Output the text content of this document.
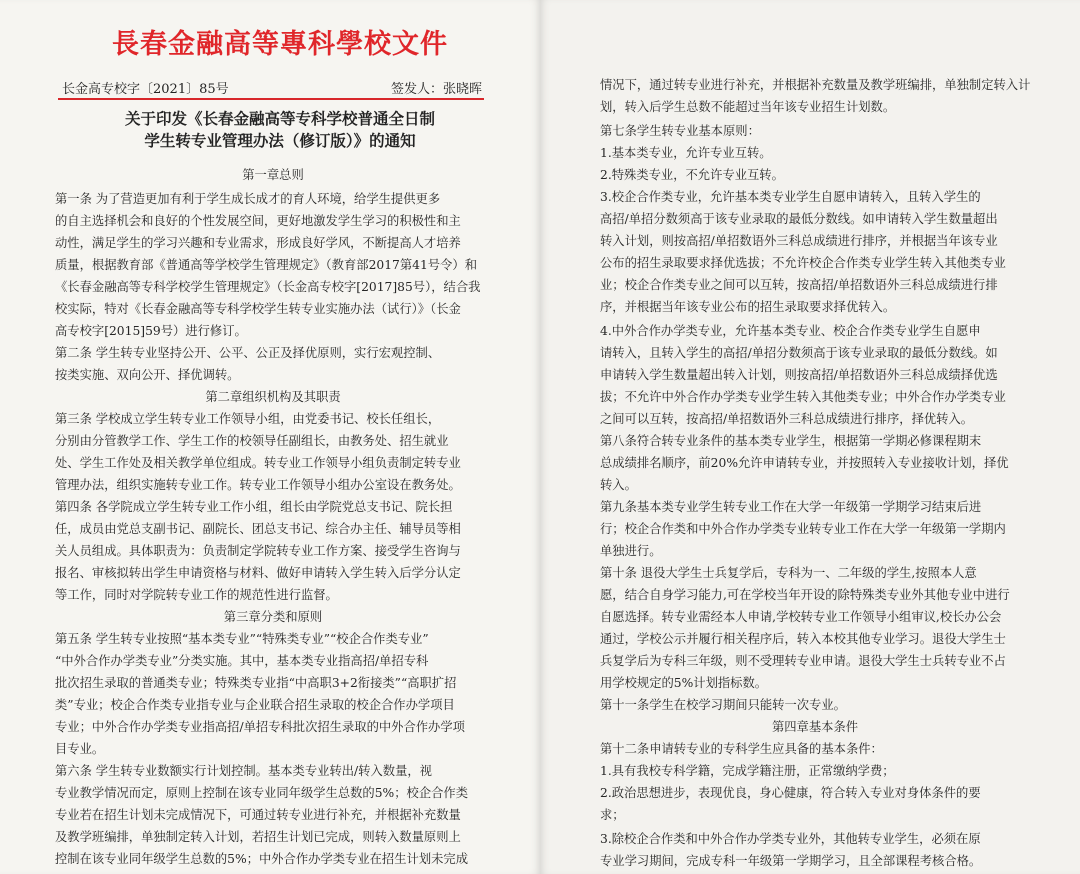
長春金融高等專科學校文件
长金高专校字〔2021〕85号	签发人：张晓晖
关于印发《长春金融高等专科学校普通全日制
学生转专业管理办法（修订版）》的通知
第一章总则
第一条 为了营造更加有利于学生成长成才的育人环境，给学生提供更多
的自主选择机会和良好的个性发展空间，更好地激发学生学习的积极性和主
动性，满足学生的学习兴趣和专业需求，形成良好学风，不断提高人才培养
质量，根据教育部《普通高等学校学生管理规定》（教育部2017第41号令）和
《长春金融高等专科学校学生管理规定》（长金高专校字[2017]85号），结合我
校实际，特对《长春金融高等专科学校学生转专业实施办法（试行）》（长金
高专校字[2015]59号）进行修订。
第二条 学生转专业坚持公开、公平、公正及择优原则，实行宏观控制、
按类实施、双向公开、择优调转。
第二章组织机构及其职责
第三条 学校成立学生转专业工作领导小组，由党委书记、校长任组长，
分别由分管教学工作、学生工作的校领导任副组长，由教务处、招生就业
处、学生工作处及相关教学单位组成。转专业工作领导小组负责制定转专业
管理办法，组织实施转专业工作。转专业工作领导小组办公室设在教务处。
第四条 各学院成立学生转专业工作小组，组长由学院党总支书记、院长担
任，成员由党总支副书记、副院长、团总支书记、综合办主任、辅导员等相
关人员组成。具体职责为：负责制定学院转专业工作方案、接受学生咨询与
报名、审核拟转出学生申请资格与材料、做好申请转入学生转入后学分认定
等工作，同时对学院转专业工作的规范性进行监督。
第三章分类和原则
第五条 学生转专业按照“基本类专业”“特殊类专业”“校企合作类专业”
“中外合作办学类专业”分类实施。其中，基本类专业指高招/单招专科
批次招生录取的普通类专业；特殊类专业指“中高职3+2衔接类”“高职扩招
类”专业；校企合作类专业指专业与企业联合招生录取的校企合作办学项目
专业；中外合作办学类专业指高招/单招专科批次招生录取的中外合作办学项
目专业。
第六条 学生转专业数额实行计划控制。基本类专业转出/转入数量，视
专业教学情况而定，原则上控制在该专业同年级学生总数的5%；校企合作类
专业若在招生计划未完成情况下，可通过转专业进行补充，并根据补充数量
及教学班编排，单独制定转入计划，若招生计划已完成，则转入数量原则上
控制在该专业同年级学生总数的5%；中外合作办学类专业在招生计划未完成
情况下，通过转专业进行补充，并根据补充数量及教学班编排，单独制定转入计
划，转入后学生总数不能超过当年该专业招生计划数。
第七条学生转专业基本原则：
1.基本类专业，允许专业互转。
2.特殊类专业，不允许专业互转。
3.校企合作类专业，允许基本类专业学生自愿申请转入，且转入学生的
高招/单招分数须高于该专业录取的最低分数线。如申请转入学生数量超出
转入计划，则按高招/单招数语外三科总成绩进行排序，并根据当年该专业
公布的招生录取要求择优选拔；不允许校企合作类专业学生转入其他类专业
业；校企合作类专业之间可以互转，按高招/单招数语外三科总成绩进行排
序，并根据当年该专业公布的招生录取要求择优转入。
4.中外合作办学类专业，允许基本类专业、校企合作类专业学生自愿申
请转入，且转入学生的高招/单招分数须高于该专业录取的最低分数线。如
申请转入学生数量超出转入计划，则按高招/单招数语外三科总成绩择优选
拔；不允许中外合作办学类专业学生转入其他类专业；中外合作办学类专业
之间可以互转，按高招/单招数语外三科总成绩进行排序，择优转入。
第八条符合转专业条件的基本类专业学生，根据第一学期必修课程期末
总成绩排名顺序，前20%允许申请转专业，并按照转入专业接收计划，择优
转入。
第九条基本类专业学生转专业工作在大学一年级第一学期学习结束后进
行；校企合作类和中外合作办学类专业转专业工作在大学一年级第一学期内
单独进行。
第十条 退役大学生士兵复学后，专科为一、二年级的学生,按照本人意
愿，结合自身学习能力,可在学校当年开设的除特殊类专业外其他专业中进行
自愿选择。转专业需经本人申请,学校转专业工作领导小组审议,校长办公会
通过，学校公示并履行相关程序后，转入本校其他专业学习。退役大学生士
兵复学后为专科三年级，则不受理转专业申请。退役大学生士兵转专业不占
用学校规定的5%计划指标数。
第十一条学生在校学习期间只能转一次专业。
第四章基本条件
第十二条申请转专业的专科学生应具备的基本条件：
1.具有我校专科学籍，完成学籍注册，正常缴纳学费；
2.政治思想进步，表现优良，身心健康，符合转入专业对身体条件的要
求；
3.除校企合作类和中外合作办学类专业外，其他转专业学生，必须在原
专业学习期间，完成专科一年级第一学期学习，且全部课程考核合格。
